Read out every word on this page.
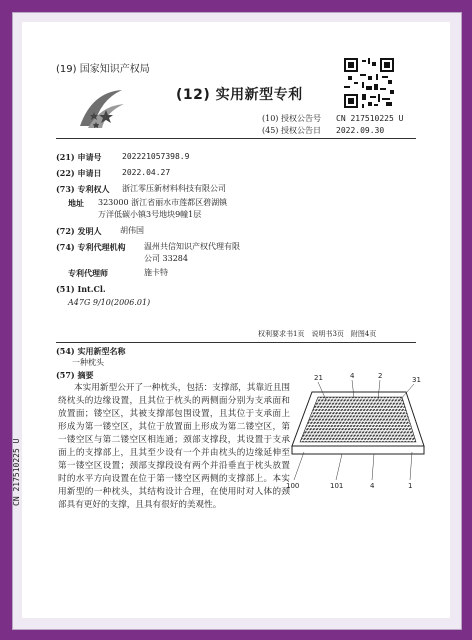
(19) 国家知识产权局
(12) 实用新型专利
(10) 授权公告号 CN 217510225 U
(45) 授权公告日 2022.09.30
(21) 申请号	202221057398.9
(22) 申请日	2022.04.27
(73) 专利权人 浙江零压新材料科技有限公司
地址 323000 浙江省丽水市莲都区碧湖镇
万洋低碳小镇3号地块9幢1层
(72) 发明人 胡伟国
(74) 专利代理机构 温州共信知识产权代理有限
公司 33284
专利代理师	施卡特
(51) Int.Cl.
A47G 9/10(2006.01)
权利要求书1页　说明书3页　附图4页
(54) 实用新型名称
一种枕头
(57) 摘要
本实用新型公开了一种枕头，包括：支撑部，其靠近且围绕枕头的边缘设置，且其位于枕头的两侧面分别为支承面和放置面；镂空区，其被支撑部包围设置，且其位于支承面上形成为第一镂空区，其位于放置面上形成为第二镂空区，第一镂空区与第二镂空区相连通；颈部支撑段，其设置于支承面上的支撑部上，且其至少设有一个并由枕头的边缘延伸至第一镂空区设置；颈部支撑段设有两个并沿垂直于枕头放置时的水平方向设置在位于第一镂空区两侧的支撑部上。本实用新型的一种枕头，其结构设计合理，在使用时对人体的颈部具有更好的支撑，且具有很好的美观性。
21	4	2	31
100	101	4	1
CN 217510225 U
